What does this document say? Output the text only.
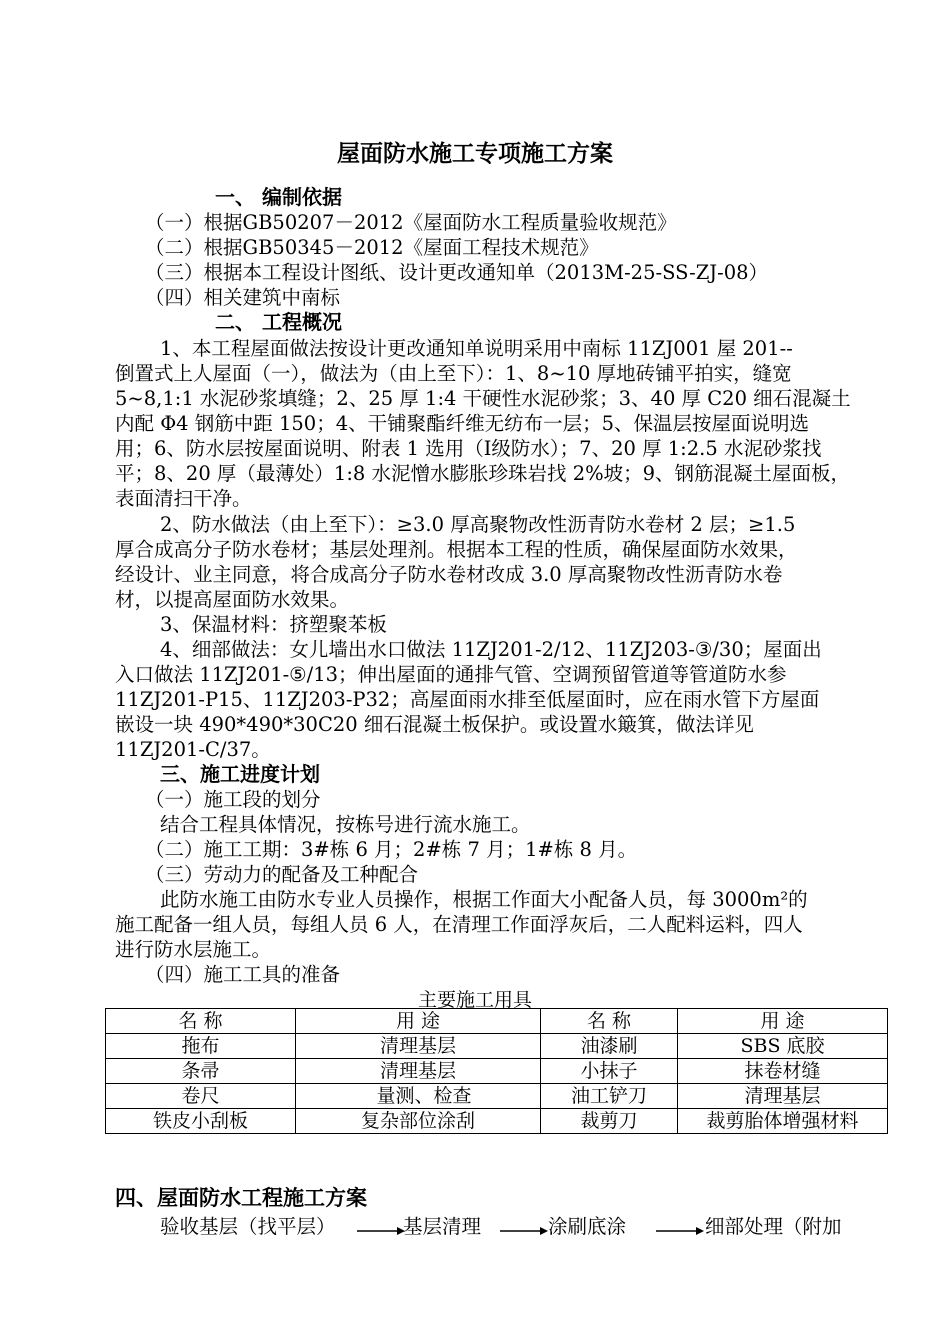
屋面防水施工专项施工方案
一、 编制依据
（一）根据GB50207－2012《屋面防水工程质量验收规范》
（二）根据GB50345－2012《屋面工程技术规范》
（三）根据本工程设计图纸、设计更改通知单（2013M-25-SS-ZJ-08）
（四）相关建筑中南标
二、 工程概况
1、本工程屋面做法按设计更改通知单说明采用中南标 11ZJ001 屋 201--
倒置式上人屋面（一），做法为（由上至下）：1、8~10 厚地砖铺平拍实，缝宽
5~8,1:1 水泥砂浆填缝；2、25 厚 1:4 干硬性水泥砂浆；3、40 厚 C20 细石混凝土
内配 Φ4 钢筋中距 150；4、干铺聚酯纤维无纺布一层；5、保温层按屋面说明选
用；6、防水层按屋面说明、附表 1 选用（Ⅰ级防水）；7、20 厚 1:2.5 水泥砂浆找
平；8、20 厚（最薄处）1:8 水泥憎水膨胀珍珠岩找 2%坡；9、钢筋混凝土屋面板，
表面清扫干净。
2、防水做法（由上至下）：≥3.0 厚高聚物改性沥青防水卷材 2 层；≥1.5
厚合成高分子防水卷材；基层处理剂。根据本工程的性质，确保屋面防水效果，
经设计、业主同意，将合成高分子防水卷材改成 3.0 厚高聚物改性沥青防水卷
材，以提高屋面防水效果。
3、保温材料：挤塑聚苯板
4、细部做法：女儿墙出水口做法 11ZJ201-2/12、11ZJ203-③/30；屋面出
入口做法 11ZJ201-⑤/13；伸出屋面的通排气管、空调预留管道等管道防水参
11ZJ201-P15、11ZJ203-P32；高屋面雨水排至低屋面时，应在雨水管下方屋面
嵌设一块 490*490*30C20 细石混凝土板保护。或设置水簸箕，做法详见
11ZJ201-C/37。
三、施工进度计划
（一）施工段的划分
结合工程具体情况，按栋号进行流水施工。
（二）施工工期：3#栋 6 月；2#栋 7 月；1#栋 8 月。
（三）劳动力的配备及工种配合
此防水施工由防水专业人员操作，根据工作面大小配备人员，每 3000m²的
施工配备一组人员，每组人员 6 人，在清理工作面浮灰后，二人配料运料，四人
进行防水层施工。
（四）施工工具的准备
主要施工用具
名 称	用 途	名 称	用 途
拖布	清理基层	油漆刷	SBS 底胶
条帚	清理基层	小抹子	抹卷材缝
卷尺	量测、检查	油工铲刀	清理基层
铁皮小刮板	复杂部位涂刮	裁剪刀	裁剪胎体增强材料
四、屋面防水工程施工方案
验收基层（找平层）	基层清理	涂刷底涂	细部处理（附加
